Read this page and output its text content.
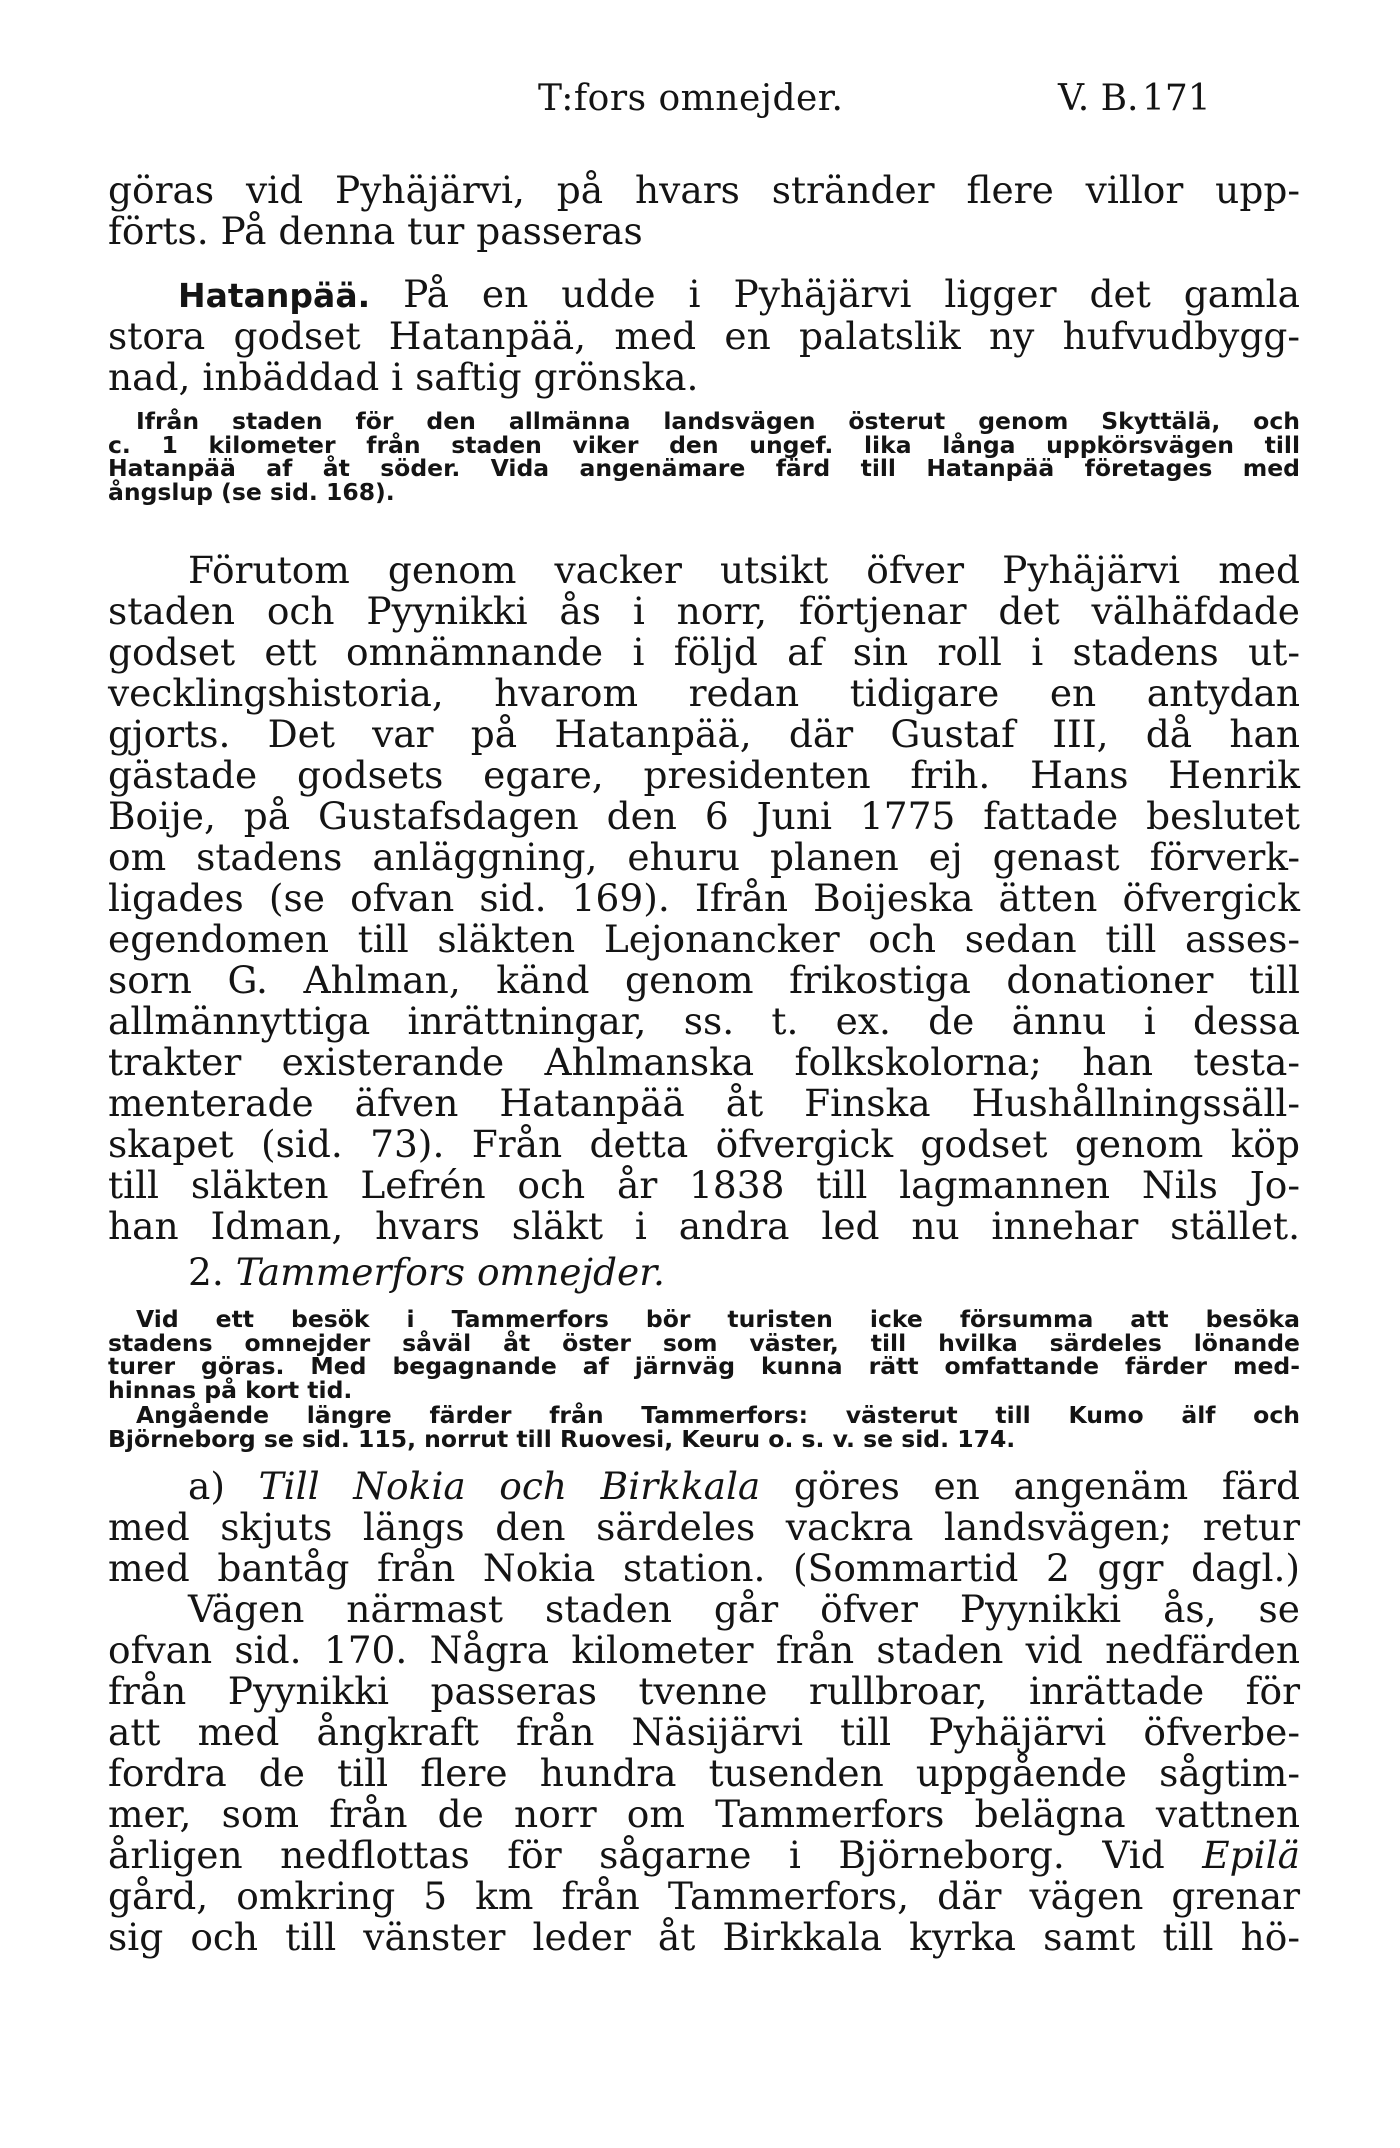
T:fors omnejder.	V. B. 171
göras vid Pyhäjärvi, på hvars stränder flere villor upp-
förts. På denna tur passeras
Hatanpää. På en udde i Pyhäjärvi ligger det gamla
stora godset Hatanpää, med en palatslik ny hufvudbygg-
nad, inbäddad i saftig grönska.
Ifrån staden för den allmänna landsvägen österut genom Skyttälä, och
c. 1 kilometer från staden viker den ungef. lika långa uppkörsvägen till
Hatanpää af åt söder. Vida angenämare färd till Hatanpää företages med
ångslup (se sid. 168).
Förutom genom vacker utsikt öfver Pyhäjärvi med
staden och Pyynikki ås i norr, förtjenar det välhäfdade
godset ett omnämnande i följd af sin roll i stadens ut-
vecklingshistoria, hvarom redan tidigare en antydan
gjorts. Det var på Hatanpää, där Gustaf III, då han
gästade godsets egare, presidenten frih. Hans Henrik
Boije, på Gustafsdagen den 6 Juni 1775 fattade beslutet
om stadens anläggning, ehuru planen ej genast förverk-
ligades (se ofvan sid. 169). Ifrån Boijeska ätten öfvergick
egendomen till släkten Lejonancker och sedan till asses-
sorn G. Ahlman, känd genom frikostiga donationer till
allmännyttiga inrättningar, ss. t. ex. de ännu i dessa
trakter existerande Ahlmanska folkskolorna; han testa-
menterade äfven Hatanpää åt Finska Hushållningssäll-
skapet (sid. 73). Från detta öfvergick godset genom köp
till släkten Lefrén och år 1838 till lagmannen Nils Jo-
han Idman, hvars släkt i andra led nu innehar stället.
2. Tammerfors omnejder.
Vid ett besök i Tammerfors bör turisten icke försumma att besöka
stadens omnejder såväl åt öster som väster, till hvilka särdeles lönande
turer göras. Med begagnande af järnväg kunna rätt omfattande färder med-
hinnas på kort tid.
Angående längre färder från Tammerfors: västerut till Kumo älf och
Björneborg se sid. 115, norrut till Ruovesi, Keuru o. s. v. se sid. 174.
a) Till Nokia och Birkkala göres en angenäm färd
med skjuts längs den särdeles vackra landsvägen; retur
med bantåg från Nokia station. (Sommartid 2 ggr dagl.)
Vägen närmast staden går öfver Pyynikki ås, se
ofvan sid. 170. Några kilometer från staden vid nedfärden
från Pyynikki passeras tvenne rullbroar, inrättade för
att med ångkraft från Näsijärvi till Pyhäjärvi öfverbe-
fordra de till flere hundra tusenden uppgående sågtim-
mer, som från de norr om Tammerfors belägna vattnen
årligen nedflottas för sågarne i Björneborg. Vid Epilä
gård, omkring 5 km från Tammerfors, där vägen grenar
sig och till vänster leder åt Birkkala kyrka samt till hö-
